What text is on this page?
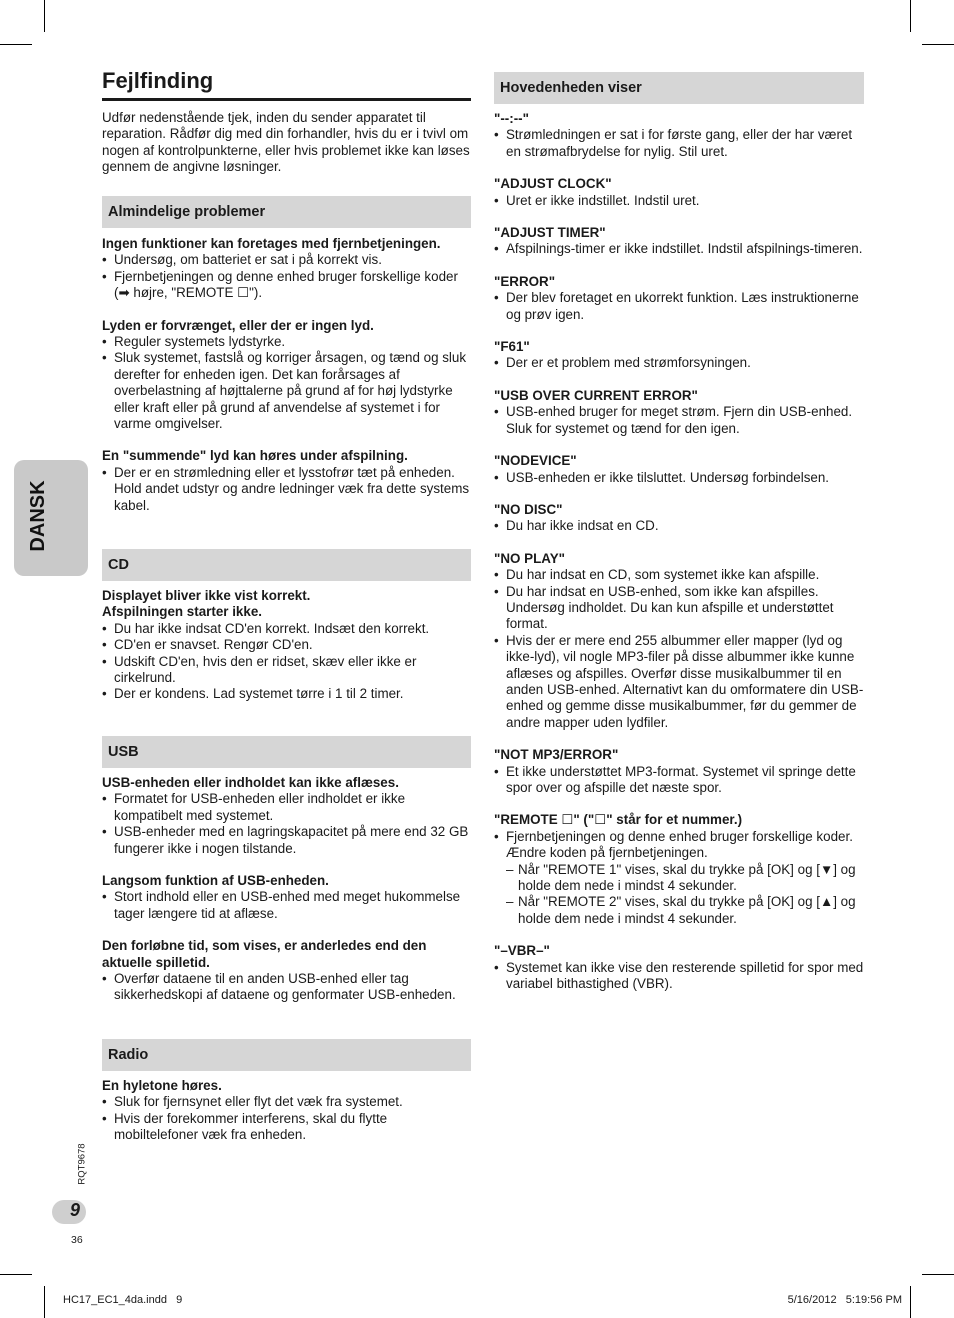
DANSK
Fejlfinding

Udfør nedenstående tjek, inden du sender apparatet til reparation. Rådfør dig med din forhandler, hvis du er i tvivl om nogen af kontrolpunkterne, eller hvis problemet ikke kan løses gennem de angivne løsninger.

Almindelige problemer

Ingen funktioner kan foretages med fjernbetjeningen.

• Undersøg, om batteriet er sat i på korrekt vis.
• Fjernbetjeningen og denne enhed bruger forskellige koder (➡ højre, "REMOTE ☐").

Lyden er forvrænget, eller der er ingen lyd.

• Reguler systemets lydstyrke.
• Sluk systemet, fastslå og korriger årsagen, og tænd og sluk derefter for enheden igen. Det kan forårsages af overbelastning af højttalerne på grund af for høj lydstyrke eller kraft eller på grund af anvendelse af systemet i for varme omgivelser.

En "summende" lyd kan høres under afspilning.

• Der er en strømledning eller et lysstofrør tæt på enheden. Hold andet udstyr og andre ledninger væk fra dette systems kabel.
CD

Displayet bliver ikke vist korrekt.

Afspilningen starter ikke.

• Du har ikke indsat CD'en korrekt. Indsæt den korrekt.
• CD'en er snavset. Rengør CD'en.
• Udskift CD'en, hvis den er ridset, skæv eller ikke er cirkelrund.
• Der er kondens. Lad systemet tørre i 1 til 2 timer.
USB

USB-enheden eller indholdet kan ikke aflæses.

• Formatet for USB-enheden eller indholdet er ikke kompatibelt med systemet.
• USB-enheder med en lagringskapacitet på mere end 32 GB fungerer ikke i nogen tilstande.

Langsom funktion af USB-enheden.

• Stort indhold eller en USB-enhed med meget hukommelse tager længere tid at aflæse.

Den forløbne tid, som vises, er anderledes end den aktuelle spilletid.

• Overfør dataene til en anden USB-enhed eller tag sikkerhedskopi af dataene og genformater USB-enheden.
Radio

En hyletone høres.

• Sluk for fjernsynet eller flyt det væk fra systemet.
• Hvis der forekommer interferens, skal du flytte mobiltelefoner væk fra enheden.
Hovedenheden viser

"--:--"

• Strømledningen er sat i for første gang, eller der har været en strømafbrydelse for nylig. Stil uret.

"ADJUST CLOCK"

• Uret er ikke indstillet. Indstil uret.

"ADJUST TIMER"

• Afspilnings-timer er ikke indstillet. Indstil afspilnings-timeren.

"ERROR"

• Der blev foretaget en ukorrekt funktion. Læs instruktionerne og prøv igen.

"F61"

• Der er et problem med strømforsyningen.

"USB OVER CURRENT ERROR"

• USB-enhed bruger for meget strøm. Fjern din USB-enhed. Sluk for systemet og tænd for den igen.

"NODEVICE"

• USB-enheden er ikke tilsluttet. Undersøg forbindelsen.

"NO DISC"

• Du har ikke indsat en CD.

"NO PLAY"

• Du har indsat en CD, som systemet ikke kan afspille.
• Du har indsat en USB-enhed, som ikke kan afspilles. Undersøg indholdet. Du kan kun afspille et understøttet format.
• Hvis der er mere end 255 albummer eller mapper (lyd og ikke-lyd), vil nogle MP3-filer på disse albummer ikke kunne aflæses og afspilles. Overfør disse musikalbummer til en anden USB-enhed. Alternativt kan du omformatere din USB-enhed og gemme disse musikalbummer, før du gemmer de andre mapper uden lydfiler.

"NOT MP3/ERROR"

• Et ikke understøttet MP3-format. Systemet vil springe dette spor over og afspille det næste spor.

"REMOTE ☐" ("☐" står for et nummer.)

• Fjernbetjeningen og denne enhed bruger forskellige koder. Ændre koden på fjernbetjeningen.
– Når "REMOTE 1" vises, skal du trykke på [OK] og [▼] og holde dem nede i mindst 4 sekunder.
– Når "REMOTE 2" vises, skal du trykke på [OK] og [▲] og holde dem nede i mindst 4 sekunder.

"–VBR–"

• Systemet kan ikke vise den resterende spilletid for spor med variabel bithastighed (VBR).
RQT9678
9
36
HC17_EC1_4da.indd   9	5/16/2012   5:19:56 PM
